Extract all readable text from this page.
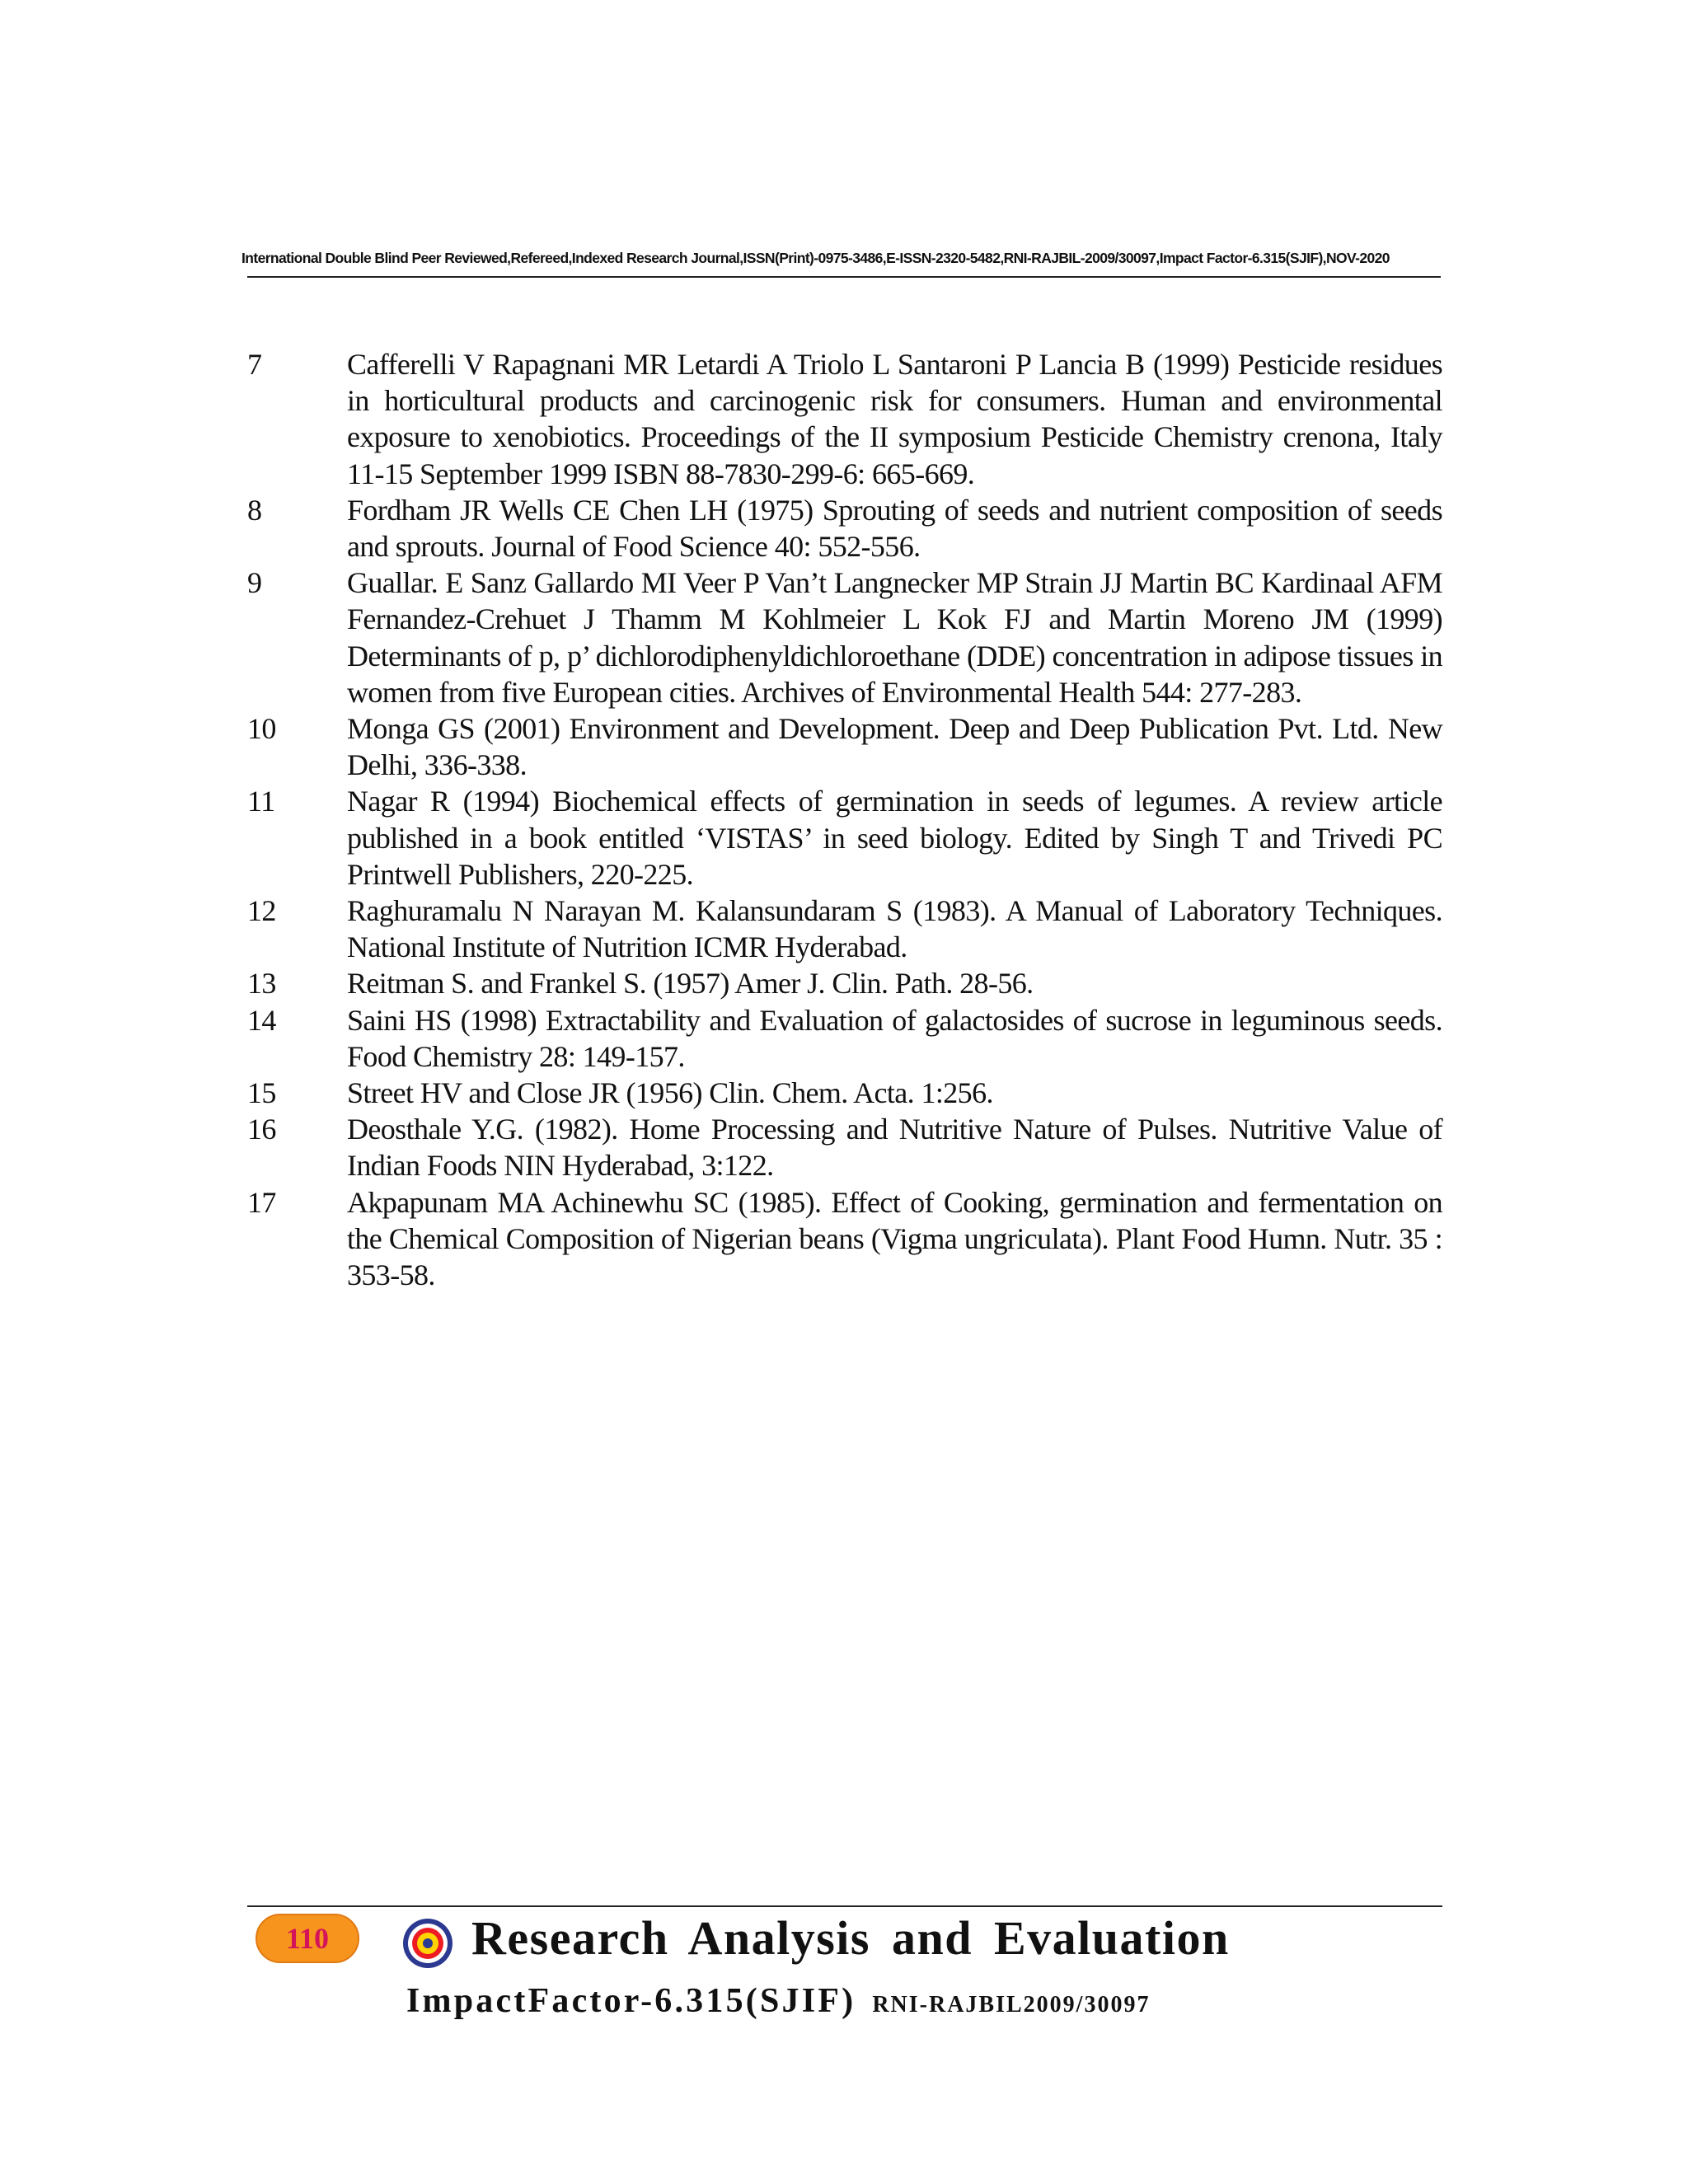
International Double Blind Peer Reviewed,Refereed,Indexed Research Journal,ISSN(Print)-0975-3486,E-ISSN-2320-5482,RNI-RAJBIL-2009/30097,Impact Factor-6.315(SJIF),NOV-2020
7	Cafferelli V Rapagnani MR Letardi A Triolo L Santaroni P Lancia B (1999) Pesticide residues in horticultural products and carcinogenic risk for consumers. Human and environmental exposure to xenobiotics. Proceedings of the II symposium Pesticide Chemistry crenona, Italy 11-15 September 1999 ISBN 88-7830-299-6: 665-669.
8	Fordham JR Wells CE Chen LH (1975) Sprouting of seeds and nutrient composition of seeds and sprouts. Journal of Food Science 40: 552-556.
9	Guallar. E Sanz Gallardo MI Veer P Van’t Langnecker MP Strain JJ Martin BC Kardinaal AFM Fernandez-Crehuet J Thamm M Kohlmeier L Kok FJ and Martin Moreno JM (1999) Determinants of p, p’ dichlorodiphenyldichloroethane (DDE) concentration in adipose tissues in women from five European cities. Archives of Environmental Health 544: 277-283.
10	Monga GS (2001) Environment and Development. Deep and Deep Publication Pvt. Ltd. New Delhi, 336-338.
11	Nagar R (1994) Biochemical effects of germination in seeds of legumes. A review article published in a book entitled ‘VISTAS’ in seed biology. Edited by Singh T and Trivedi PC Printwell Publishers, 220-225.
12	Raghuramalu N Narayan M. Kalansundaram S (1983). A Manual of Laboratory Techniques. National Institute of Nutrition ICMR Hyderabad.
13	Reitman S. and Frankel S. (1957) Amer J. Clin. Path. 28-56.
14	Saini HS (1998) Extractability and Evaluation of galactosides of sucrose in leguminous seeds. Food Chemistry 28: 149-157.
15	Street HV and Close JR (1956) Clin. Chem. Acta. 1:256.
16	Deosthale Y.G. (1982). Home Processing and Nutritive Nature of Pulses. Nutritive Value of Indian Foods NIN Hyderabad, 3:122.
17	Akpapunam MA Achinewhu SC (1985). Effect of Cooking, germination and fermentation on the Chemical Composition of Nigerian beans (Vigma ungriculata). Plant Food Humn. Nutr. 35 : 353-58.
110	Research Analysis and Evaluation
ImpactFactor-6.315(SJIF) RNI-RAJBIL2009/30097
